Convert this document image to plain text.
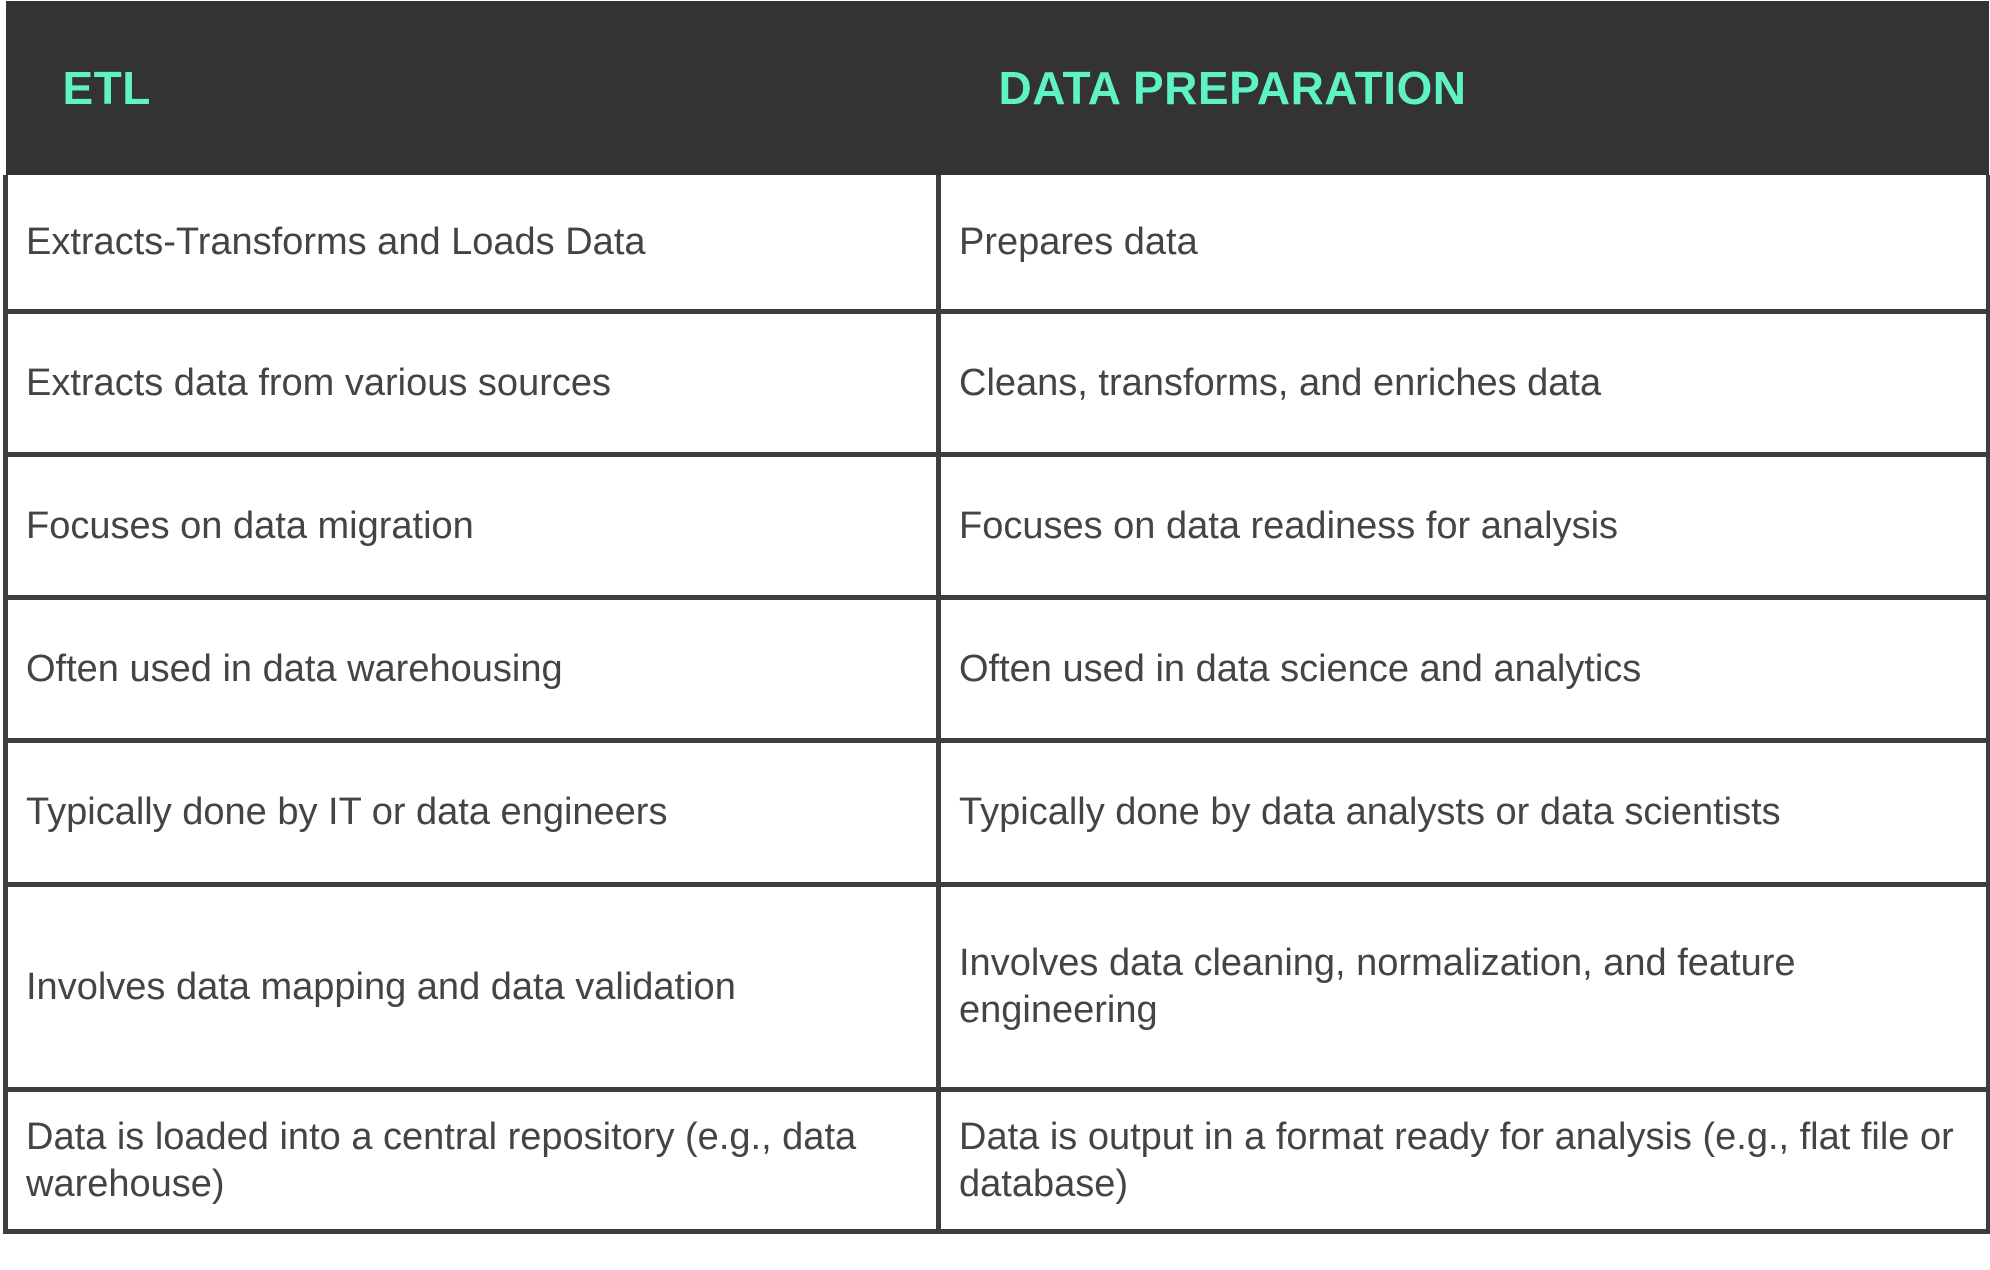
ETL	DATA PREPARATION
Extracts-Transforms and Loads Data	Prepares data
Extracts data from various sources	Cleans, transforms, and enriches data
Focuses on data migration	Focuses on data readiness for analysis
Often used in data warehousing	Often used in data science and analytics
Typically done by IT or data engineers	Typically done by data analysts or data scientists
Involves data mapping and data validation	Involves data cleaning, normalization, and feature engineering
Data is loaded into a central repository (e.g., data warehouse)	Data is output in a format ready for analysis (e.g., flat file or database)
